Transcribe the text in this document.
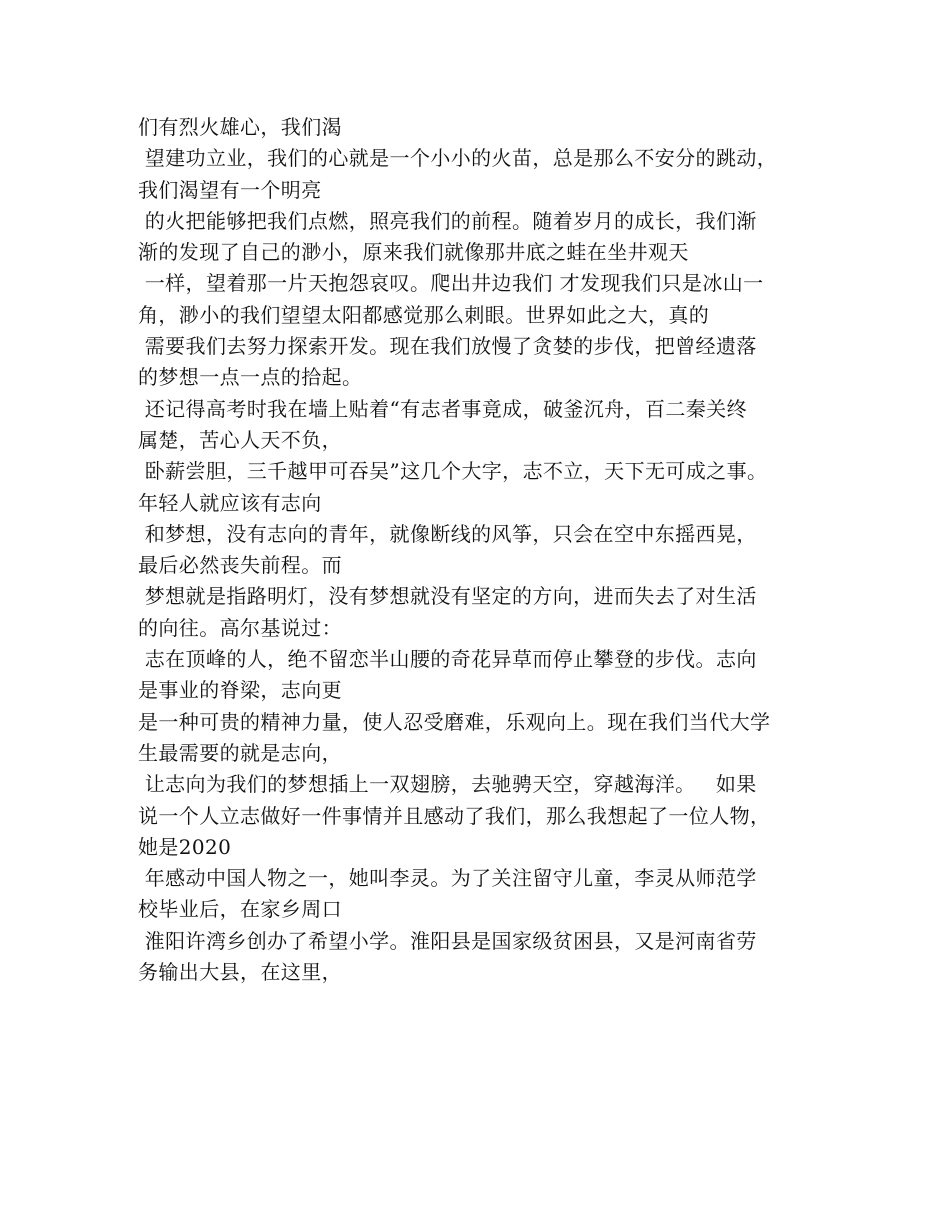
们有烈火雄心，我们渴
望建功立业，我们的心就是一个小小的火苗，总是那么不安分的跳动，
我们渴望有一个明亮
的火把能够把我们点燃，照亮我们的前程。随着岁月的成长，我们渐
渐的发现了自己的渺小，原来我们就像那井底之蛙在坐井观天
一样，望着那一片天抱怨哀叹。爬出井边我们 才发现我们只是冰山一
角，渺小的我们望望太阳都感觉那么刺眼。世界如此之大，真的
需要我们去努力探索开发。现在我们放慢了贪婪的步伐，把曾经遗落
的梦想一点一点的拾起。
还记得高考时我在墙上贴着“有志者事竟成，破釜沉舟，百二秦关终
属楚，苦心人天不负，
卧薪尝胆，三千越甲可吞吴”这几个大字，志不立，天下无可成之事。
年轻人就应该有志向
和梦想，没有志向的青年，就像断线的风筝，只会在空中东摇西晃，
最后必然丧失前程。而
梦想就是指路明灯，没有梦想就没有坚定的方向，进而失去了对生活
的向往。高尔基说过：
志在顶峰的人，绝不留恋半山腰的奇花异草而停止攀登的步伐。志向
是事业的脊梁，志向更
是一种可贵的精神力量，使人忍受磨难，乐观向上。现在我们当代大学
生最需要的就是志向，
让志向为我们的梦想插上一双翅膀，去驰骋天空，穿越海洋。   如果
说一个人立志做好一件事情并且感动了我们，那么我想起了一位人物，
她是2020
年感动中国人物之一，她叫李灵。为了关注留守儿童，李灵从师范学
校毕业后，在家乡周口
淮阳许湾乡创办了希望小学。淮阳县是国家级贫困县，又是河南省劳
务输出大县，在这里，
